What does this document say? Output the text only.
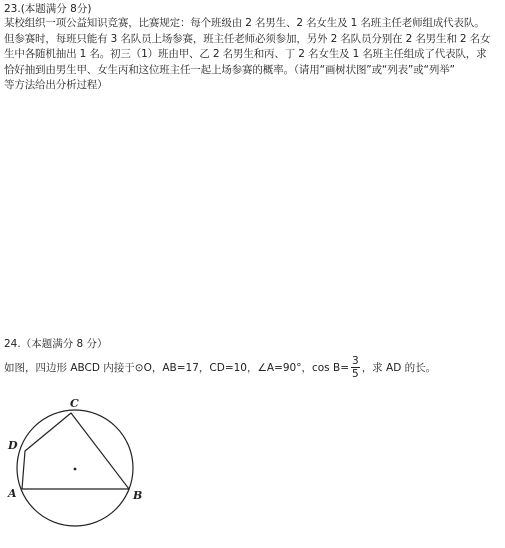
23.(本题满分 8分)
某校组织一项公益知识竞赛，比赛规定：每个班级由 2 名男生、2 名女生及 1 名班主任老师组成代表队。
但参赛时，每班只能有 3 名队员上场参赛，班主任老师必须参加，另外 2 名队员分别在 2 名男生和 2 名女
生中各随机抽出 1 名。初三（1）班由甲、乙 2 名男生和丙、丁 2 名女生及 1 名班主任组成了代表队，求
恰好抽到由男生甲、女生丙和这位班主任一起上场参赛的概率。（请用“画树状图”或“列表”或“列举”
等方法给出分析过程）
24.（本题满分 8 分）
如图，四边形 ABCD 内接于⊙O，AB=17，CD=10，∠A=90°，$\cos B= \frac{3}{5}$ ，求 AD 的长。
A	B
C
D
